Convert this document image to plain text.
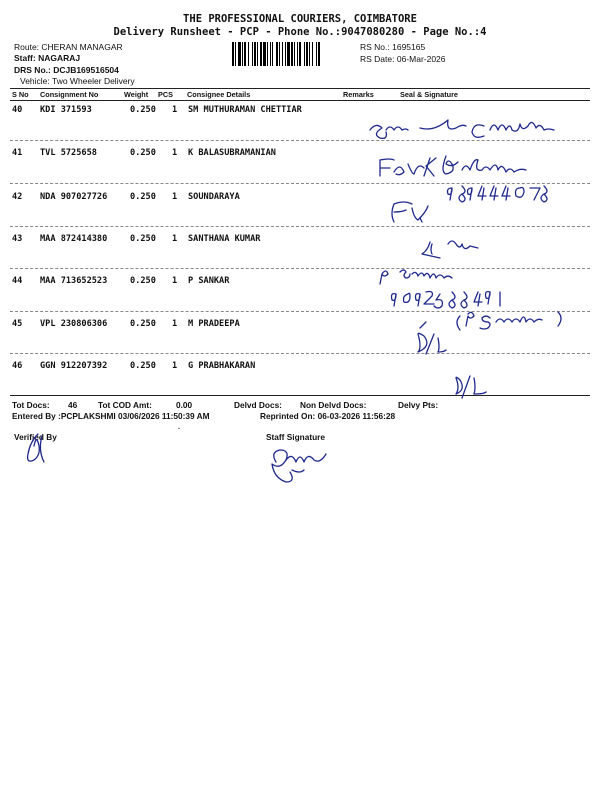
THE PROFESSIONAL COURIERS, COIMBATORE
Delivery Runsheet - PCP - Phone No.:9047080280 - Page No.:4
Route: CHERAN MANAGAR
Staff: NAGARAJ
DRS No.: DCJB169516504
Vehicle: Two Wheeler Delivery
RS No.: 1695165
RS Date: 06-Mar-2026
S No Consignment No	Weight PCS Consignee Details	Remarks	Seal & Signature
40 KDI 371593	0.250 1 SM MUTHURAMAN CHETTIAR
41 TVL 5725658	0.250 1 K BALASUBRAMANIAN
42 NDA 907027726	0.250 1 SOUNDARAYA
43 MAA 872414380	0.250 1 SANTHANA KUMAR
44 MAA 713652523	0.250 1 P SANKAR
45 VPL 230806306	0.250 1 M PRADEEPA
46 GGN 912207392	0.250 1 G PRABHAKARAN
Tot Docs: 46	Tot COD Amt:	0.00	Delvd Docs: Non Delvd Docs:	Delvy Pts:
Entered By :PCPLAKSHMI 03/06/2026 11:50:39 AM	Reprinted On: 06-03-2026 11:56:28
.
Verified By	Staff Signature
